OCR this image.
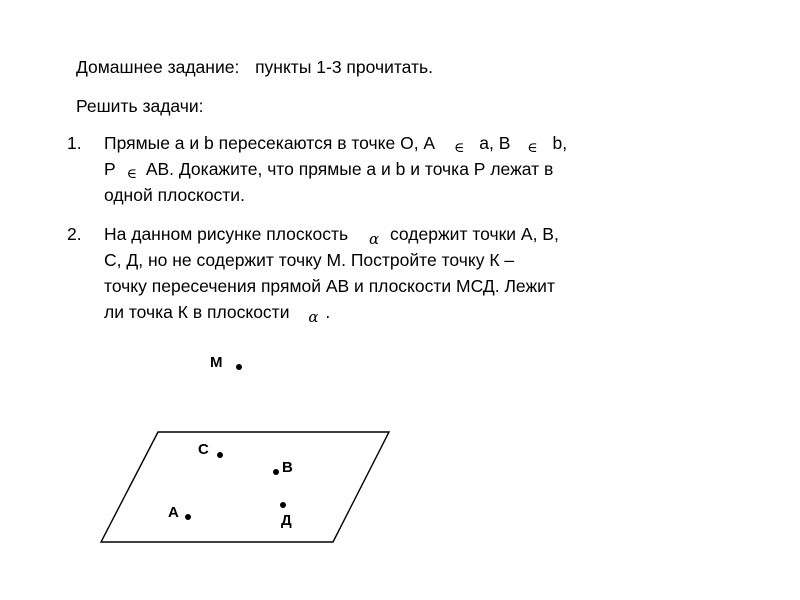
Домашнее задание: пункты 1-3 прочитать.
Решить задачи:
1. Прямые a и b пересекаются в точке О, А ∈ a, В ∈ b,
Р ∈ АВ. Докажите, что прямые a и b и точка Р лежат в
одной плоскости.
2. На данном рисунке плоскость α содержит точки А, В,
С, Д, но не содержит точку М. Постройте точку К –
точку пересечения прямой АВ и плоскости МСД. Лежит
ли точка К в плоскости α .
М
С
В
А	Д
